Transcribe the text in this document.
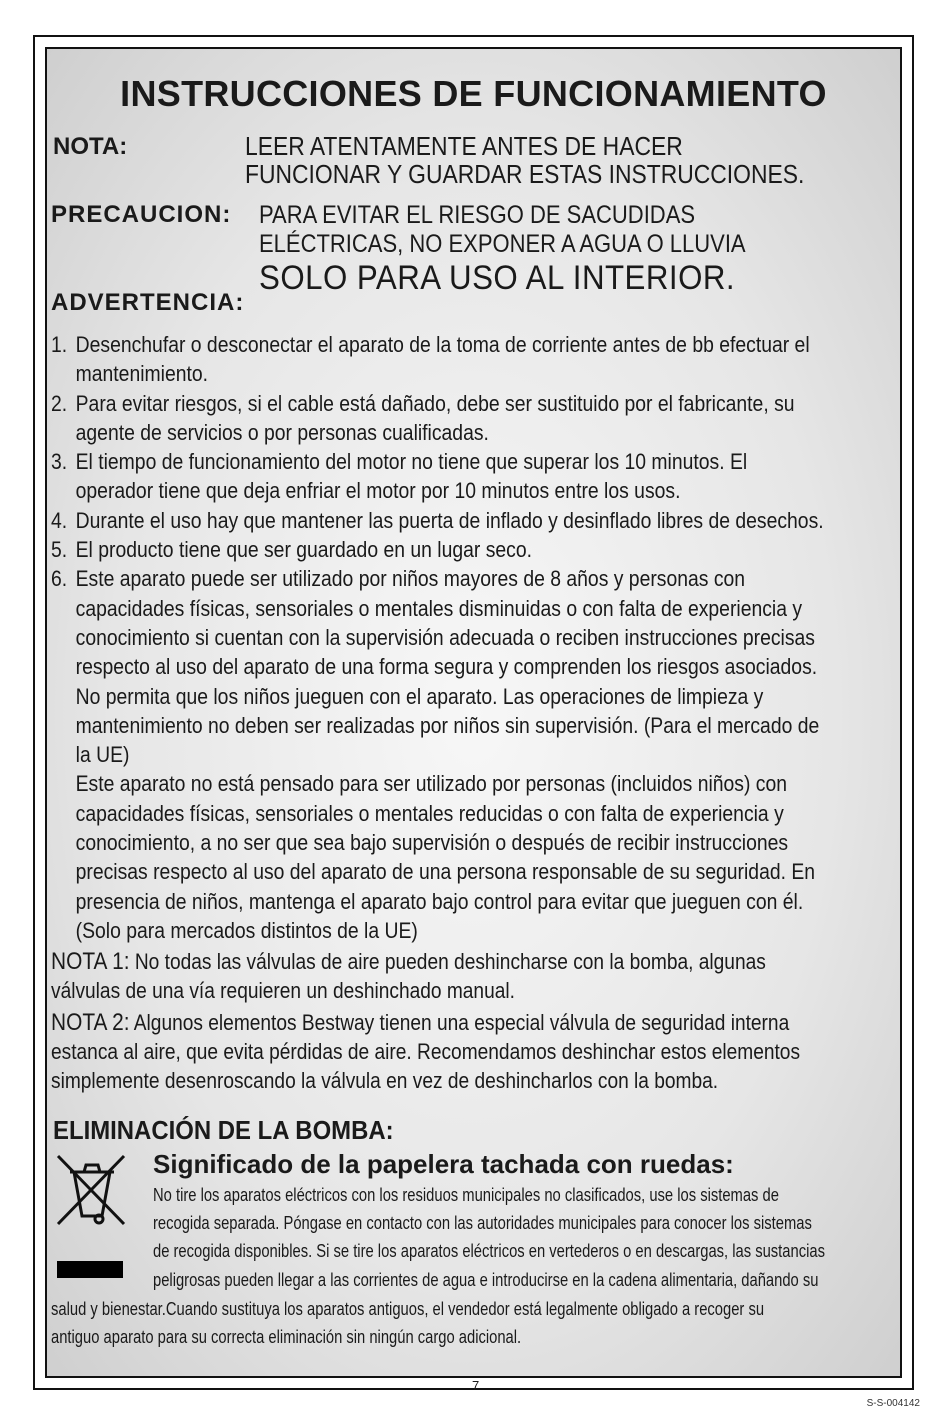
INSTRUCCIONES DE FUNCIONAMIENTO
NOTA:	LEER ATENTAMENTE ANTES DE HACER
FUNCIONAR Y GUARDAR ESTAS INSTRUCCIONES.
PRECAUCION: PARA EVITAR EL RIESGO DE SACUDIDAS
ELÉCTRICAS, NO EXPONER A AGUA O LLUVIA
SOLO PARA USO AL INTERIOR.
ADVERTENCIA:
1. Desenchufar o desconectar el aparato de la toma de corriente antes de bb efectuar el
mantenimiento.
2. Para evitar riesgos, si el cable está dañado, debe ser sustituido por el fabricante, su
agente de servicios o por personas cualificadas.
3. El tiempo de funcionamiento del motor no tiene que superar los 10 minutos. El
operador tiene que deja enfriar el motor por 10 minutos entre los usos.
4. Durante el uso hay que mantener las puerta de inflado y desinflado libres de desechos.
5. El producto tiene que ser guardado en un lugar seco.
6. Este aparato puede ser utilizado por niños mayores de 8 años y personas con
capacidades físicas, sensoriales o mentales disminuidas o con falta de experiencia y
conocimiento si cuentan con la supervisión adecuada o reciben instrucciones precisas
respecto al uso del aparato de una forma segura y comprenden los riesgos asociados.
No permita que los niños jueguen con el aparato. Las operaciones de limpieza y
mantenimiento no deben ser realizadas por niños sin supervisión. (Para el mercado de
la UE)
Este aparato no está pensado para ser utilizado por personas (incluidos niños) con
capacidades físicas, sensoriales o mentales reducidas o con falta de experiencia y
conocimiento, a no ser que sea bajo supervisión o después de recibir instrucciones
precisas respecto al uso del aparato de una persona responsable de su seguridad. En
presencia de niños, mantenga el aparato bajo control para evitar que jueguen con él.
(Solo para mercados distintos de la UE)
NOTA 1: No todas las válvulas de aire pueden deshincharse con la bomba, algunas
válvulas de una vía requieren un deshinchado manual.
NOTA 2: Algunos elementos Bestway tienen una especial válvula de seguridad interna
estanca al aire, que evita pérdidas de aire. Recomendamos deshinchar estos elementos
simplemente desenroscando la válvula en vez de deshincharlos con la bomba.
ELIMINACIÓN DE LA BOMBA:
Significado de la papelera tachada con ruedas:
No tire los aparatos eléctricos con los residuos municipales no clasificados, use los sistemas de
recogida separada. Póngase en contacto con las autoridades municipales para conocer los sistemas
de recogida disponibles. Si se tire los aparatos eléctricos en vertederos o en descargas, las sustancias
peligrosas pueden llegar a las corrientes de agua e introducirse en la cadena alimentaria, dañando su
salud y bienestar.Cuando sustituya los aparatos antiguos, el vendedor está legalmente obligado a recoger su
antiguo aparato para su correcta eliminación sin ningún cargo adicional.
7
S-S-004142
